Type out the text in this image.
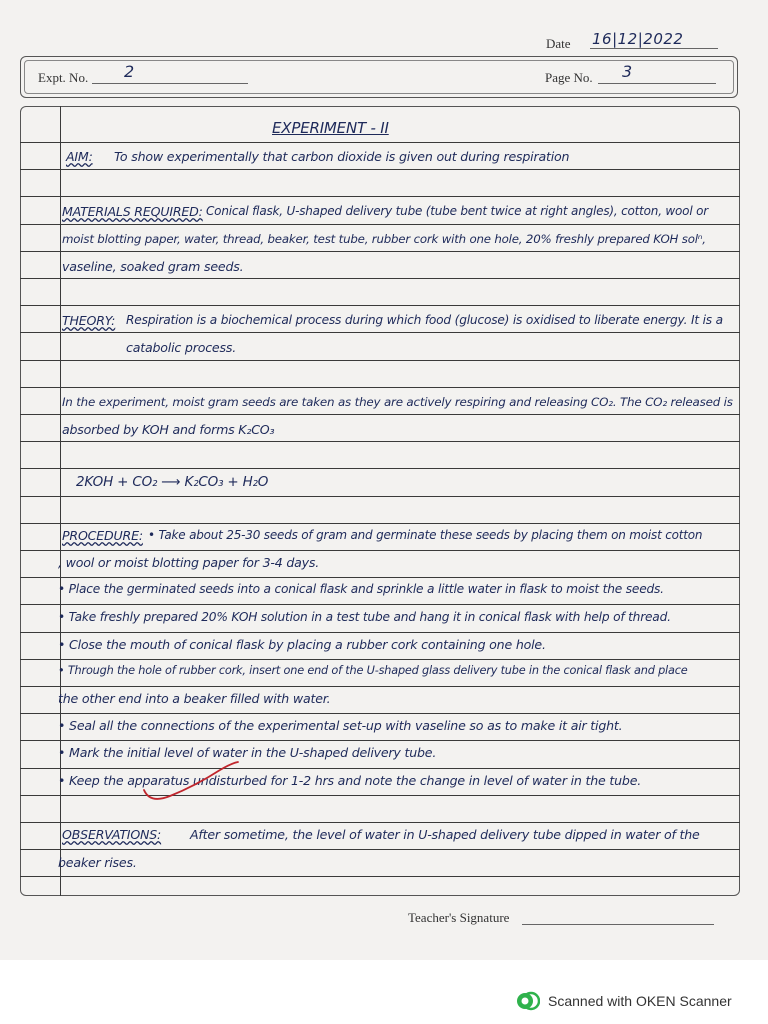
Date 16|12|2022
Expt. No. 2	Page No. 3
EXPERIMENT - II
AIM: To show experimentally that carbon dioxide is given out during respiration
MATERIALS REQUIRED: Conical flask, U-shaped delivery tube (tube bent twice at right angles), cotton, wool or
moist blotting paper, water, thread, beaker, test tube, rubber cork with one hole, 20% freshly prepared KOH solⁿ,
vaseline, soaked gram seeds.
THEORY: Respiration is a biochemical process during which food (glucose) is oxidised to liberate energy. It is a
catabolic process.
In the experiment, moist gram seeds are taken as they are actively respiring and releasing CO₂. The CO₂ released is
absorbed by KOH and forms K₂CO₃
2KOH + CO₂ ⟶ K₂CO₃ + H₂O
PROCEDURE: • Take about 25-30 seeds of gram and germinate these seeds by placing them on moist cotton
, wool or moist blotting paper for 3-4 days.
• Place the germinated seeds into a conical flask and sprinkle a little water in flask to moist the seeds.
• Take freshly prepared 20% KOH solution in a test tube and hang it in conical flask with help of thread.
• Close the mouth of conical flask by placing a rubber cork containing one hole.
• Through the hole of rubber cork, insert one end of the U-shaped glass delivery tube in the conical flask and place
the other end into a beaker filled with water.
• Seal all the connections of the experimental set-up with vaseline so as to make it air tight.
• Mark the initial level of water in the U-shaped delivery tube.
• Keep the apparatus undisturbed for 1-2 hrs and note the change in level of water in the tube.
OBSERVATIONS: After sometime, the level of water in U-shaped delivery tube dipped in water of the
beaker rises.
Teacher's Signature
Scanned with OKEN Scanner
